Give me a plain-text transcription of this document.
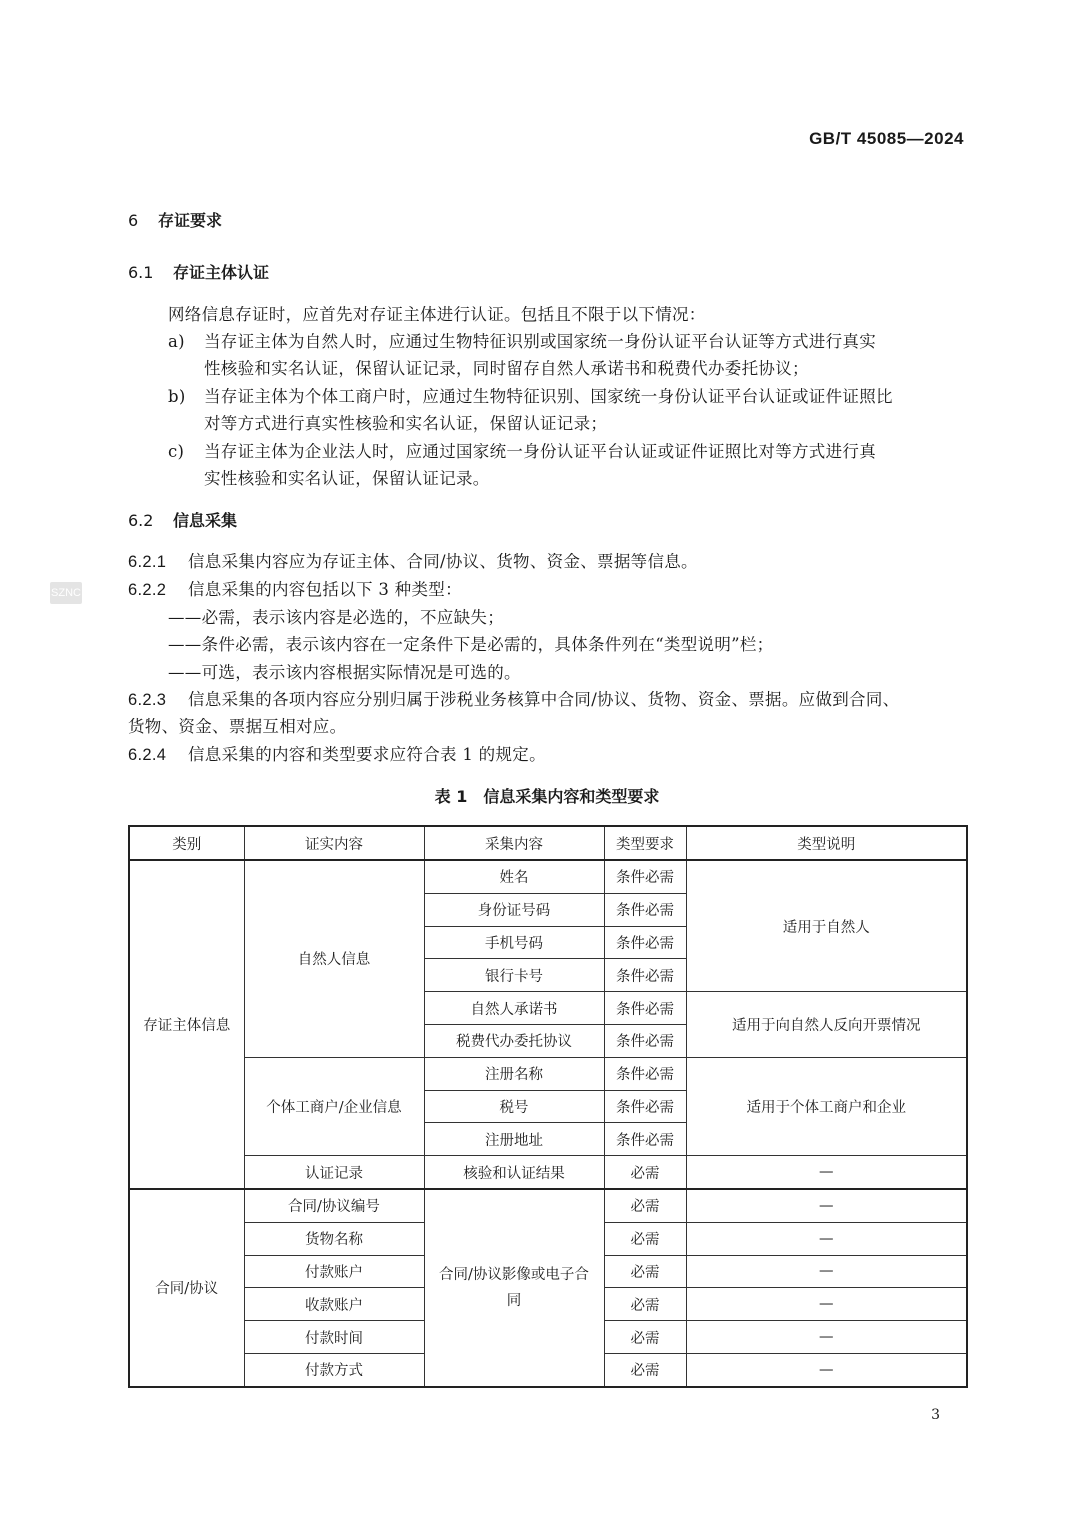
GB/T 45085—2024
6 存证要求
6.1 存证主体认证
网络信息存证时，应首先对存证主体进行认证。包括且不限于以下情况：
a) 当存证主体为自然人时，应通过生物特征识别或国家统一身份认证平台认证等方式进行真实
性核验和实名认证，保留认证记录，同时留存自然人承诺书和税费代办委托协议；
b) 当存证主体为个体工商户时，应通过生物特征识别、国家统一身份认证平台认证或证件证照比
对等方式进行真实性核验和实名认证，保留认证记录；
c) 当存证主体为企业法人时，应通过国家统一身份认证平台认证或证件证照比对等方式进行真
实性核验和实名认证，保留认证记录。
6.2 信息采集
6.2.1 信息采集内容应为存证主体、合同/协议、货物、资金、票据等信息。
6.2.2 信息采集的内容包括以下 3 种类型：
——必需，表示该内容是必选的，不应缺失；
——条件必需，表示该内容在一定条件下是必需的，具体条件列在“类型说明”栏；
——可选，表示该内容根据实际情况是可选的。
6.2.3 信息采集的各项内容应分别归属于涉税业务核算中合同/协议、货物、资金、票据。应做到合同、
货物、资金、票据互相对应。
6.2.4 信息采集的内容和类型要求应符合表 1 的规定。
SZNC
表 1　信息采集内容和类型要求
类别	证实内容	采集内容	类型要求	类型说明
存证主体信息	自然人信息	姓名	条件必需	适用于自然人
		身份证号码	条件必需	
		手机号码	条件必需	
		银行卡号	条件必需	
		自然人承诺书	条件必需	适用于向自然人反向开票情况
		税费代办委托协议	条件必需	
	个体工商户/企业信息	注册名称	条件必需	适用于个体工商户和企业
		税号	条件必需	
		注册地址	条件必需	
	认证记录	核验和认证结果	必需	—
合同/协议	合同/协议编号	合同/协议影像或电子合同	必需	—
	货物名称		必需	—
	付款账户		必需	—
	收款账户		必需	—
	付款时间		必需	—
	付款方式		必需	—
3
